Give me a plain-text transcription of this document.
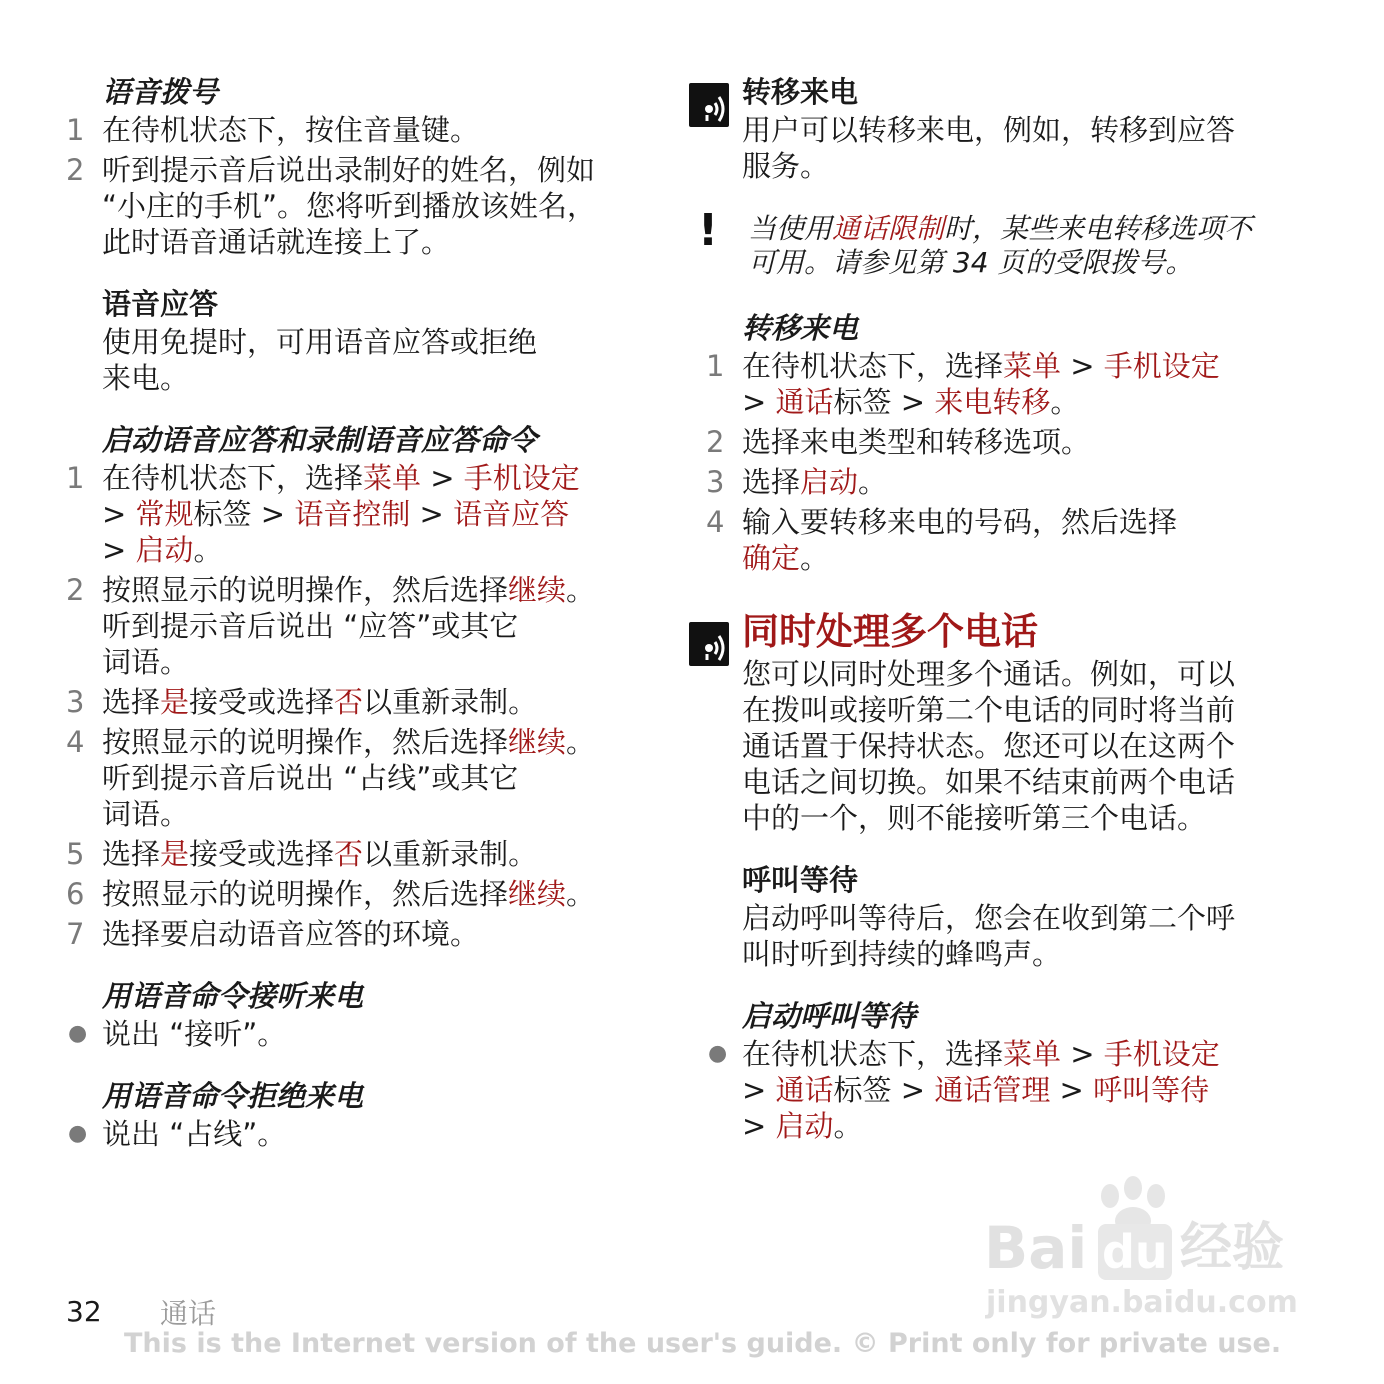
语音拨号
1 在待机状态下，按住音量键。
2 听到提示音后说出录制好的姓名，例如
“小庄的手机”。您将听到播放该姓名，
此时语音通话就连接上了。
语音应答
使用免提时，可用语音应答或拒绝
来电。
启动语音应答和录制语音应答命令
1 在待机状态下，选择菜单 > 手机设定
> 常规标签 > 语音控制 > 语音应答
> 启动。
2 按照显示的说明操作，然后选择继续。
听到提示音后说出 “应答”或其它
词语。
3 选择是接受或选择否以重新录制。
4 按照显示的说明操作，然后选择继续。
听到提示音后说出 “占线”或其它
词语。
5 选择是接受或选择否以重新录制。
6 按照显示的说明操作，然后选择继续。
7 选择要启动语音应答的环境。
用语音命令接听来电
● 说出 “接听”。
用语音命令拒绝来电
● 说出 “占线”。
转移来电
用户可以转移来电，例如，转移到应答
服务。
! 当使用通话限制时，某些来电转移选项不
可用。请参见第 34 页的受限拨号。
转移来电
1 在待机状态下，选择菜单 > 手机设定
> 通话标签 > 来电转移。
2 选择来电类型和转移选项。
3 选择启动。
4 输入要转移来电的号码，然后选择
确定。
同时处理多个电话
您可以同时处理多个通话。例如，可以
在拨叫或接听第二个电话的同时将当前
通话置于保持状态。您还可以在这两个
电话之间切换。如果不结束前两个电话
中的一个，则不能接听第三个电话。
呼叫等待
启动呼叫等待后，您会在收到第二个呼
叫时听到持续的蜂鸣声。
启动呼叫等待
● 在待机状态下，选择菜单 > 手机设定
> 通话标签 > 通话管理 > 呼叫等待
> 启动。
Bai du 经验
jingyan.baidu.com
32 通话
This is the Internet version of the user's guide. © Print only for private use.
